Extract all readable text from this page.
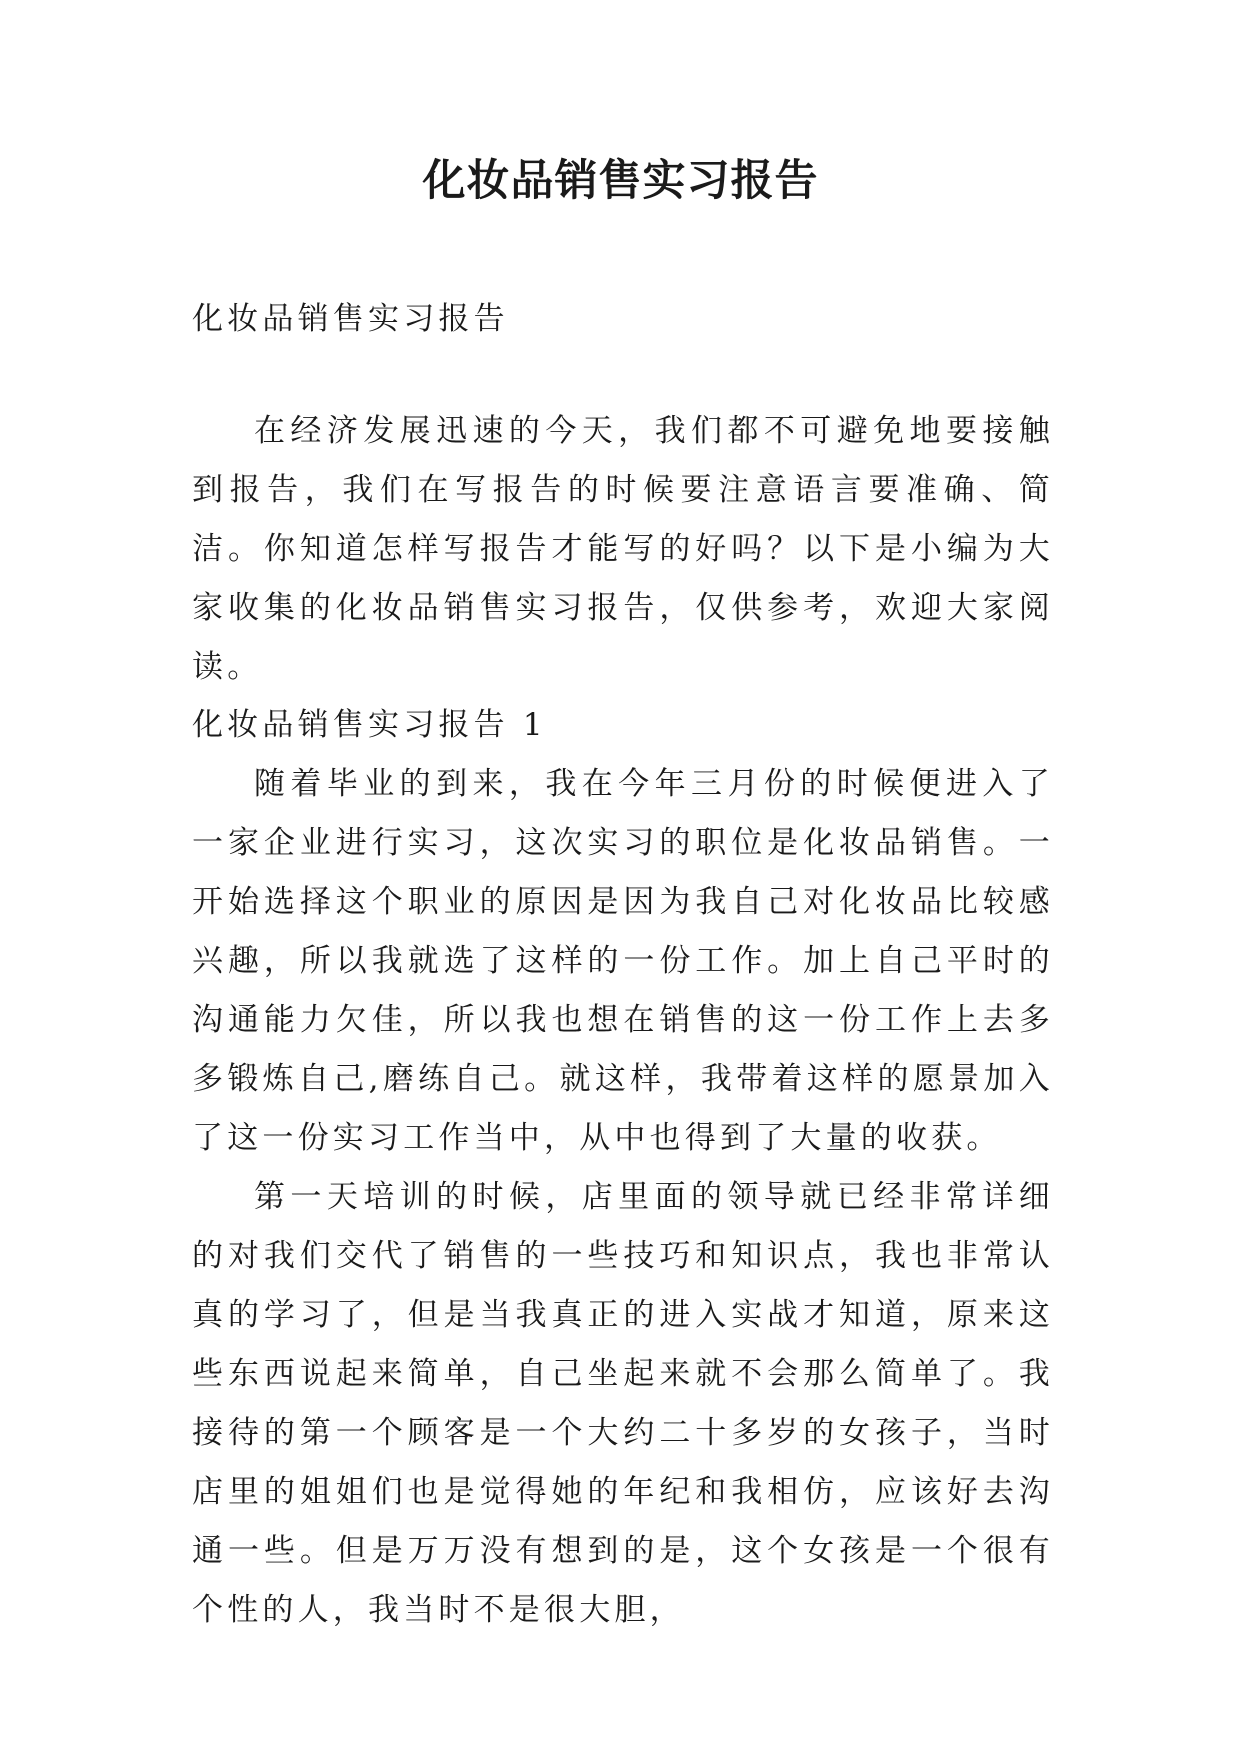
化妆品销售实习报告

化妆品销售实习报告

在经济发展迅速的今天，我们都不可避免地要接触到报告，我们在写报告的时候要注意语言要准确、简洁。你知道怎样写报告才能写的好吗？以下是小编为大家收集的化妆品销售实习报告，仅供参考，欢迎大家阅读。

化妆品销售实习报告 1

随着毕业的到来，我在今年三月份的时候便进入了一家企业进行实习，这次实习的职位是化妆品销售。一开始选择这个职业的原因是因为我自己对化妆品比较感兴趣，所以我就选了这样的一份工作。加上自己平时的沟通能力欠佳，所以我也想在销售的这一份工作上去多多锻炼自己,磨练自己。就这样，我带着这样的愿景加入了这一份实习工作当中，从中也得到了大量的收获。

第一天培训的时候，店里面的领导就已经非常详细的对我们交代了销售的一些技巧和知识点，我也非常认真的学习了，但是当我真正的进入实战才知道，原来这些东西说起来简单，自己坐起来就不会那么简单了。我接待的第一个顾客是一个大约二十多岁的女孩子，当时店里的姐姐们也是觉得她的年纪和我相仿，应该好去沟通一些。但是万万没有想到的是，这个女孩是一个很有个性的人，我当时不是很大胆，
